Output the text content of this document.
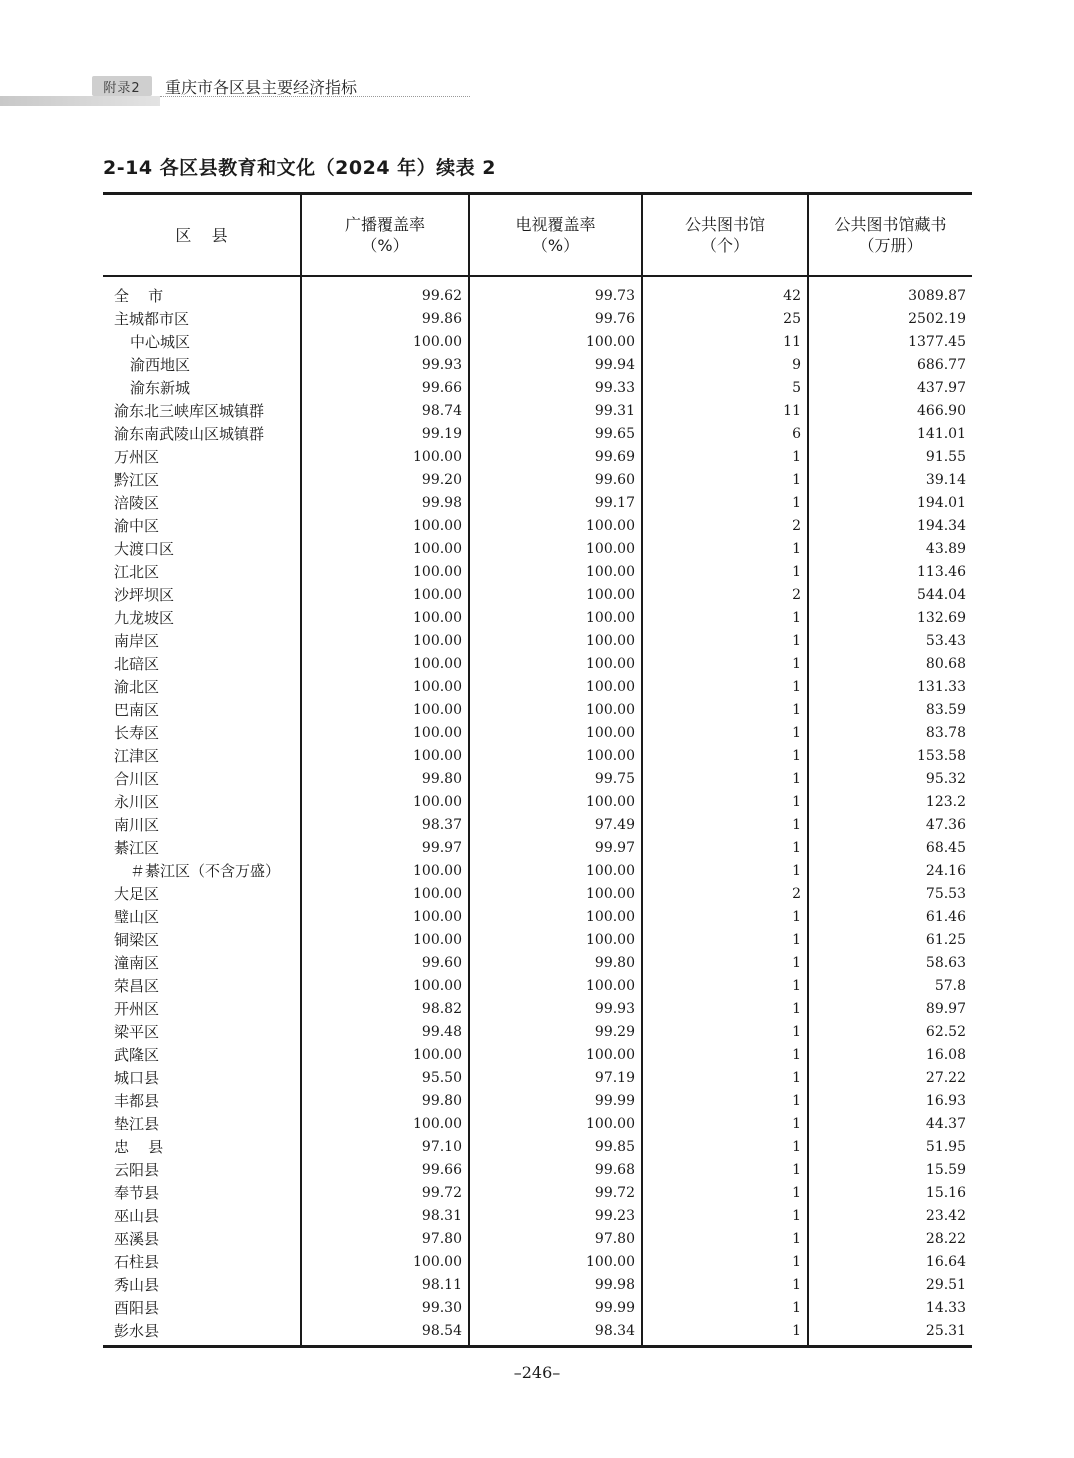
附录2	重庆市各区县主要经济指标
2-14 各区县教育和文化（2024 年）续表 2
区    县
广播覆盖率
（%）
电视覆盖率
（%）
公共图书馆
（个）
公共图书馆藏书
（万册）
全    市
主城都市区
中心城区
渝西地区
渝东新城
渝东北三峡库区城镇群
渝东南武陵山区城镇群
万州区
黔江区
涪陵区
渝中区
大渡口区
江北区
沙坪坝区
九龙坡区
南岸区
北碚区
渝北区
巴南区
长寿区
江津区
合川区
永川区
南川区
綦江区
＃綦江区（不含万盛）
大足区
璧山区
铜梁区
潼南区
荣昌区
开州区
梁平区
武隆区
城口县
丰都县
垫江县
忠    县
云阳县
奉节县
巫山县
巫溪县
石柱县
秀山县
酉阳县
彭水县
99.62
99.86
100.00
99.93
99.66
98.74
99.19
100.00
99.20
99.98
100.00
100.00
100.00
100.00
100.00
100.00
100.00
100.00
100.00
100.00
100.00
99.80
100.00
98.37
99.97
100.00
100.00
100.00
100.00
99.60
100.00
98.82
99.48
100.00
95.50
99.80
100.00
97.10
99.66
99.72
98.31
97.80
100.00
98.11
99.30
98.54
99.73
99.76
100.00
99.94
99.33
99.31
99.65
99.69
99.60
99.17
100.00
100.00
100.00
100.00
100.00
100.00
100.00
100.00
100.00
100.00
100.00
99.75
100.00
97.49
99.97
100.00
100.00
100.00
100.00
99.80
100.00
99.93
99.29
100.00
97.19
99.99
100.00
99.85
99.68
99.72
99.23
97.80
100.00
99.98
99.99
98.34
42
25
11
9
5
11
6
1
1
1
2
1
1
2
1
1
1
1
1
1
1
1
1
1
1
1
2
1
1
1
1
1
1
1
1
1
1
1
1
1
1
1
1
1
1
1
3089.87
2502.19
1377.45
686.77
437.97
466.90
141.01
91.55
39.14
194.01
194.34
43.89
113.46
544.04
132.69
53.43
80.68
131.33
83.59
83.78
153.58
95.32
123.2
47.36
68.45
24.16
75.53
61.46
61.25
58.63
57.8
89.97
62.52
16.08
27.22
16.93
44.37
51.95
15.59
15.16
23.42
28.22
16.64
29.51
14.33
25.31
–246–
